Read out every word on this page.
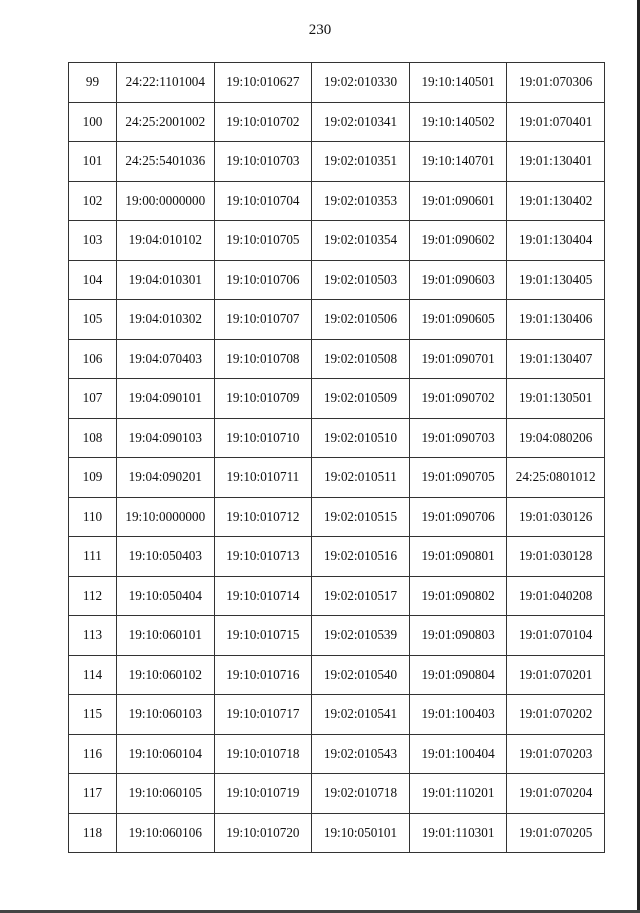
230
99	24:22:1101004	19:10:010627	19:02:010330	19:10:140501	19:01:070306
100	24:25:2001002	19:10:010702	19:02:010341	19:10:140502	19:01:070401
101	24:25:5401036	19:10:010703	19:02:010351	19:10:140701	19:01:130401
102	19:00:0000000	19:10:010704	19:02:010353	19:01:090601	19:01:130402
103	19:04:010102	19:10:010705	19:02:010354	19:01:090602	19:01:130404
104	19:04:010301	19:10:010706	19:02:010503	19:01:090603	19:01:130405
105	19:04:010302	19:10:010707	19:02:010506	19:01:090605	19:01:130406
106	19:04:070403	19:10:010708	19:02:010508	19:01:090701	19:01:130407
107	19:04:090101	19:10:010709	19:02:010509	19:01:090702	19:01:130501
108	19:04:090103	19:10:010710	19:02:010510	19:01:090703	19:04:080206
109	19:04:090201	19:10:010711	19:02:010511	19:01:090705	24:25:0801012
110	19:10:0000000	19:10:010712	19:02:010515	19:01:090706	19:01:030126
111	19:10:050403	19:10:010713	19:02:010516	19:01:090801	19:01:030128
112	19:10:050404	19:10:010714	19:02:010517	19:01:090802	19:01:040208
113	19:10:060101	19:10:010715	19:02:010539	19:01:090803	19:01:070104
114	19:10:060102	19:10:010716	19:02:010540	19:01:090804	19:01:070201
115	19:10:060103	19:10:010717	19:02:010541	19:01:100403	19:01:070202
116	19:10:060104	19:10:010718	19:02:010543	19:01:100404	19:01:070203
117	19:10:060105	19:10:010719	19:02:010718	19:01:110201	19:01:070204
118	19:10:060106	19:10:010720	19:10:050101	19:01:110301	19:01:070205
